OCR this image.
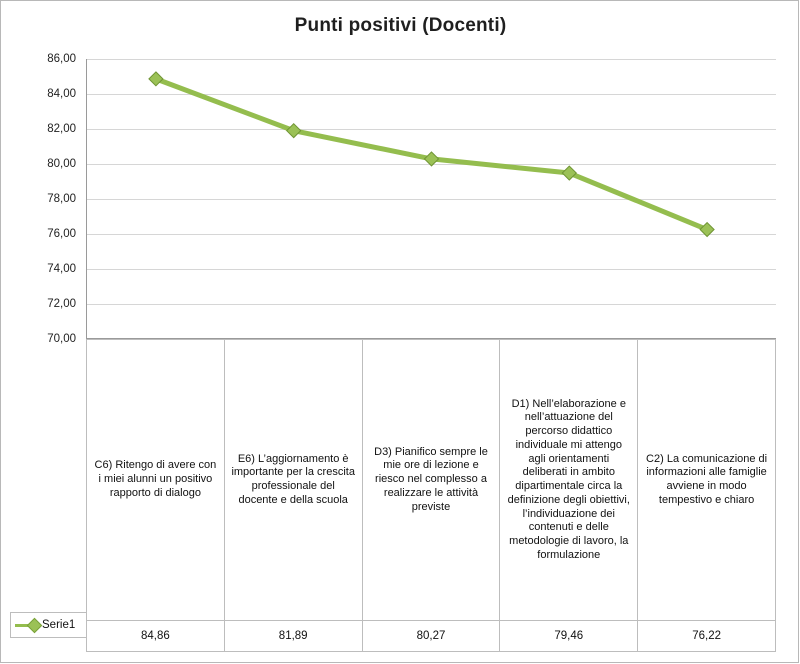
Punti positivi (Docenti)
86,00
84,00
82,00
80,00
78,00
76,00
74,00
72,00
70,00
C6) Ritengo di avere con i miei alunni un positivo rapporto di dialogo	E6) L’aggiornamento è importante per la crescita professionale del docente e della scuola	D3) Pianifico sempre le mie ore di lezione e riesco nel complesso a realizzare le attività previste	D1) Nell’elaborazione e nell’attuazione del percorso didattico individuale mi attengo agli orientamenti deliberati in ambito dipartimentale circa la definizione degli obiettivi, l’individuazione dei contenuti e delle metodologie di lavoro, la formulazione	C2) La comunicazione di informazioni alle famiglie avviene in modo tempestivo e chiaro
84,86	81,89	80,27	79,46	76,22
Serie1
